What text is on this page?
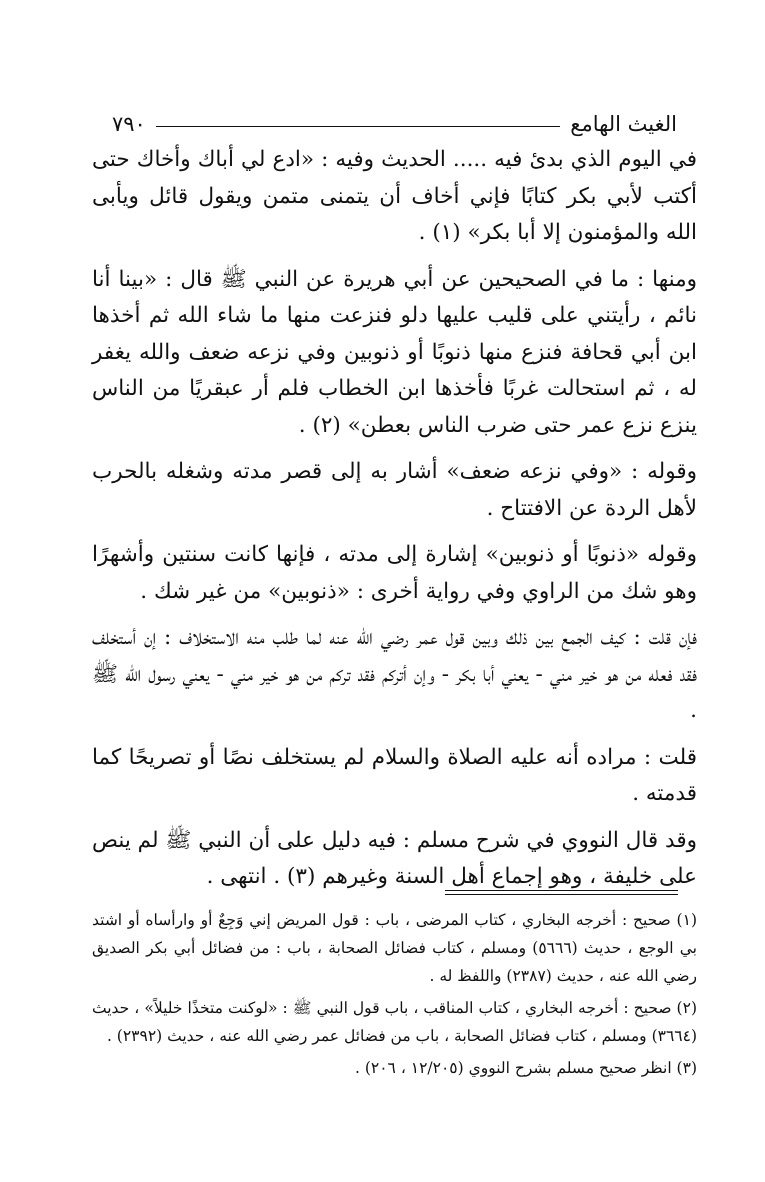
٧٩٠	الغيث الهامع

في اليوم الذي بدئ فيه ..... الحديث وفيه : «ادع لي أباك وأخاك حتى أكتب لأبي بكر كتابًا فإني أخاف أن يتمنى متمن ويقول قائل ويأبى الله والمؤمنون إلا أبا بكر» (١) .

ومنها : ما في الصحيحين عن أبي هريرة عن النبي ﷺ قال : «بينا أنا نائم ، رأيتني على قليب عليها دلو فنزعت منها ما شاء الله ثم أخذها ابن أبي قحافة فنزع منها ذنوبًا أو ذنوبين وفي نزعه ضعف والله يغفر له ، ثم استحالت غربًا فأخذها ابن الخطاب فلم أر عبقريًا من الناس ينزع نزع عمر حتى ضرب الناس بعطن» (٢) .

وقوله : «وفي نزعه ضعف» أشار به إلى قصر مدته وشغله بالحرب لأهل الردة عن الافتتاح .

وقوله «ذنوبًا أو ذنوبين» إشارة إلى مدته ، فإنها كانت سنتين وأشهرًا وهو شك من الراوي وفي رواية أخرى : «ذنوبين» من غير شك .

فإن قلت : كيف الجمع بين ذلك وبين قول عمر رضي الله عنه لما طلب منه الاستخلاف : إن أستخلف فقد فعله من هو خير مني - يعني أبا بكر - وإن أتركم فقد تركم من هو خير مني - يعني رسول الله ﷺ .

قلت : مراده أنه عليه الصلاة والسلام لم يستخلف نصًا أو تصريحًا كما قدمته .

وقد قال النووي في شرح مسلم : فيه دليل على أن النبي ﷺ لم ينص على خليفة ، وهو إجماع أهل السنة وغيرهم (٣) . انتهى .

(١) صحيح : أخرجه البخاري ، كتاب المرضى ، باب : قول المريض إني وَجِعٌ أو وارأساه أو اشتد بي الوجع ، حديث (٥٦٦٦) ومسلم ، كتاب فضائل الصحابة ، باب : من فضائل أبي بكر الصديق رضي الله عنه ، حديث (٢٣٨٧) واللفظ له .

(٢) صحيح : أخرجه البخاري ، كتاب المناقب ، باب قول النبي ﷺ : «لوكنت متخذًا خليلاً» ، حديث (٣٦٦٤) ومسلم ، كتاب فضائل الصحابة ، باب من فضائل عمر رضي الله عنه ، حديث (٢٣٩٢) .

(٣) انظر صحيح مسلم بشرح النووي (١٢/٢٠٥ ، ٢٠٦) .
